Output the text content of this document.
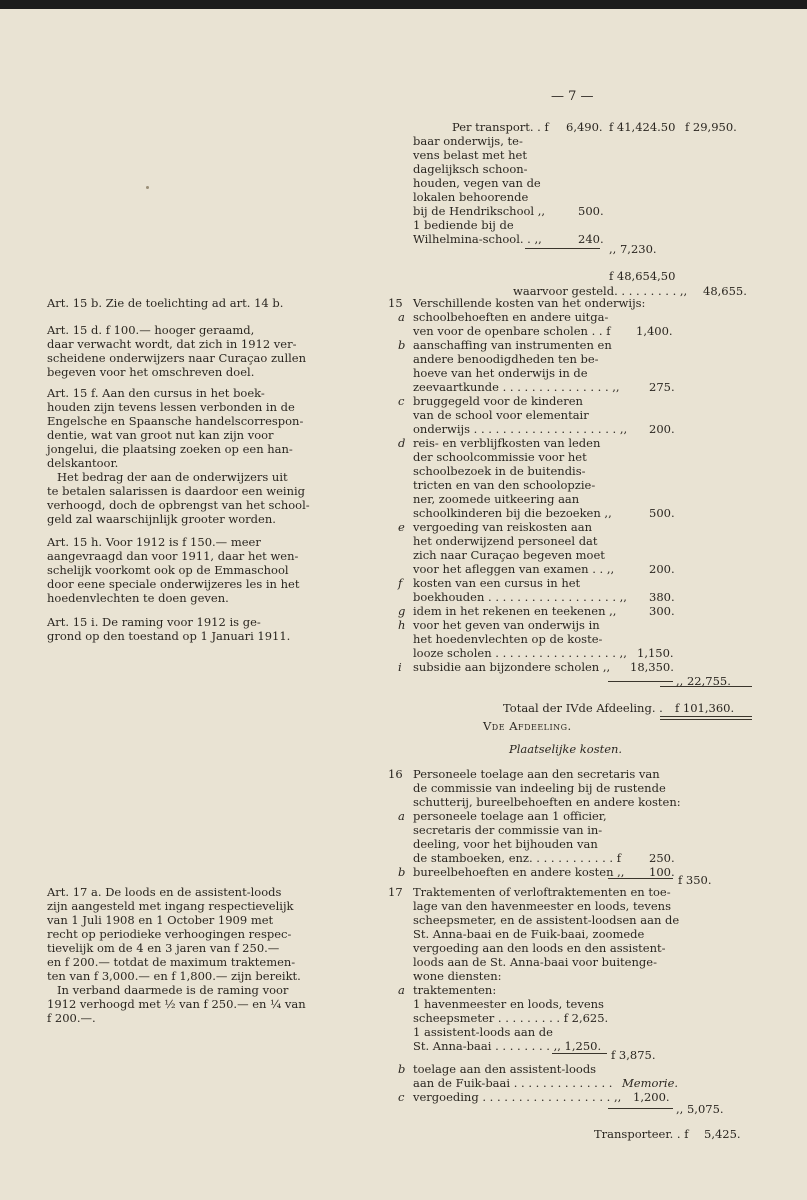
— 7 —
Per transport. . f 6,490. f 41,424.50 f 29,950.
baar onderwijs, te-
vens belast met het
dagelijksch schoon-
houden, vegen van de
lokalen behoorende
bij de Hendrikschool ,,	500.
1 bediende bij de
Wilhelmina-school. . ,,	240.
,, 7,230.
f 48,654,50
waarvoor gesteld. . . . . . . . . ,, 48,655.
15 Verschillende kosten van het onderwijs:
a schoolbehoeften en andere uitga-
ven voor de openbare scholen . . f 1,400.
b aanschaffing van instrumenten en
andere benoodigdheden ten be-
hoeve van het onderwijs in de
zeevaartkunde . . . . . . . . . . . . . . . ,,	275.
c bruggegeld voor de kinderen
van de school voor elementair
onderwijs . . . . . . . . . . . . . . . . . . . . ,, 200.
d reis- en verblijfkosten van leden
der schoolcommissie voor het
schoolbezoek in de buitendis-
tricten en van den schoolopzie-
ner, zoomede uitkeering aan
schoolkinderen bij die bezoeken ,,	500.
e vergoeding van reiskosten aan
het onderwijzend personeel dat
zich naar Curaçao begeven moet
voor het afleggen van examen . . ,,	200.
f kosten van een cursus in het
boekhouden . . . . . . . . . . . . . . . . . . ,, 380.
g idem in het rekenen en teekenen ,,	300.
h voor het geven van onderwijs in
het hoedenvlechten op de koste-
looze scholen . . . . . . . . . . . . . . . . . ,, 1,150.
i subsidie aan bijzondere scholen ,, 18,350.
,, 22,755.
Totaal der IVde Afdeeling. . f 101,360.
Vde Afdeeling.
Plaatselijke kosten.
16 Personeele toelage aan den secretaris van
de commissie van indeeling bij de rustende
schutterij, bureelbehoeften en andere kosten:
a personeele toelage aan 1 officier,
secretaris der commissie van in-
deeling, voor het bijhouden van
de stamboeken, enz. . . . . . . . . . . . f 250.
b bureelbehoeften en andere kosten ,, 100.
f 350.
17 Traktementen of verloftraktementen en toe-
lage van den havenmeester en loods, tevens
scheepsmeter, en de assistent-loodsen aan de
St. Anna-baai en de Fuik-baai, zoomede
vergoeding aan den loods en den assistent-
loods aan de St. Anna-baai voor buitenge-
wone diensten:
a traktementen:
1 havenmeester en loods, tevens
scheepsmeter . . . . . . . . . f 2,625.
1 assistent-loods aan de
St. Anna-baai . . . . . . . . ,, 1,250.
f 3,875.
b toelage aan den assistent-loods
aan de Fuik-baai . . . . . . . . . . . . . . Memorie.
c vergoeding . . . . . . . . . . . . . . . . . . ,, 1,200.
,, 5,075.
Transporteer. . f 5,425.
Art. 15 b. Zie de toelichting ad art. 14 b.
Art. 15 d. f 100.— hooger geraamd,
daar verwacht wordt, dat zich in 1912 ver-
scheidene onderwijzers naar Curaçao zullen
begeven voor het omschreven doel.
Art. 15 f. Aan den cursus in het boek-
houden zijn tevens lessen verbonden in de
Engelsche en Spaansche handelscorrespon-
dentie, wat van groot nut kan zijn voor
jongelui, die plaatsing zoeken op een han-
delskantoor.
Het bedrag der aan de onderwijzers uit
te betalen salarissen is daardoor een weinig
verhoogd, doch de opbrengst van het school-
geld zal waarschijnlijk grooter worden.
Art. 15 h. Voor 1912 is f 150.— meer
aangevraagd dan voor 1911, daar het wen-
schelijk voorkomt ook op de Emmaschool
door eene speciale onderwijzeres les in het
hoedenvlechten te doen geven.
Art. 15 i. De raming voor 1912 is ge-
grond op den toestand op 1 Januari 1911.
Art. 17 a. De loods en de assistent-loods
zijn aangesteld met ingang respectievelijk
van 1 Juli 1908 en 1 October 1909 met
recht op periodieke verhoogingen respec-
tievelijk om de 4 en 3 jaren van f 250.—
en f 200.— totdat de maximum traktemen-
ten van f 3,000.— en f 1,800.— zijn bereikt.
In verband daarmede is de raming voor
1912 verhoogd met ½ van f 250.— en ¼ van
f 200.—.
